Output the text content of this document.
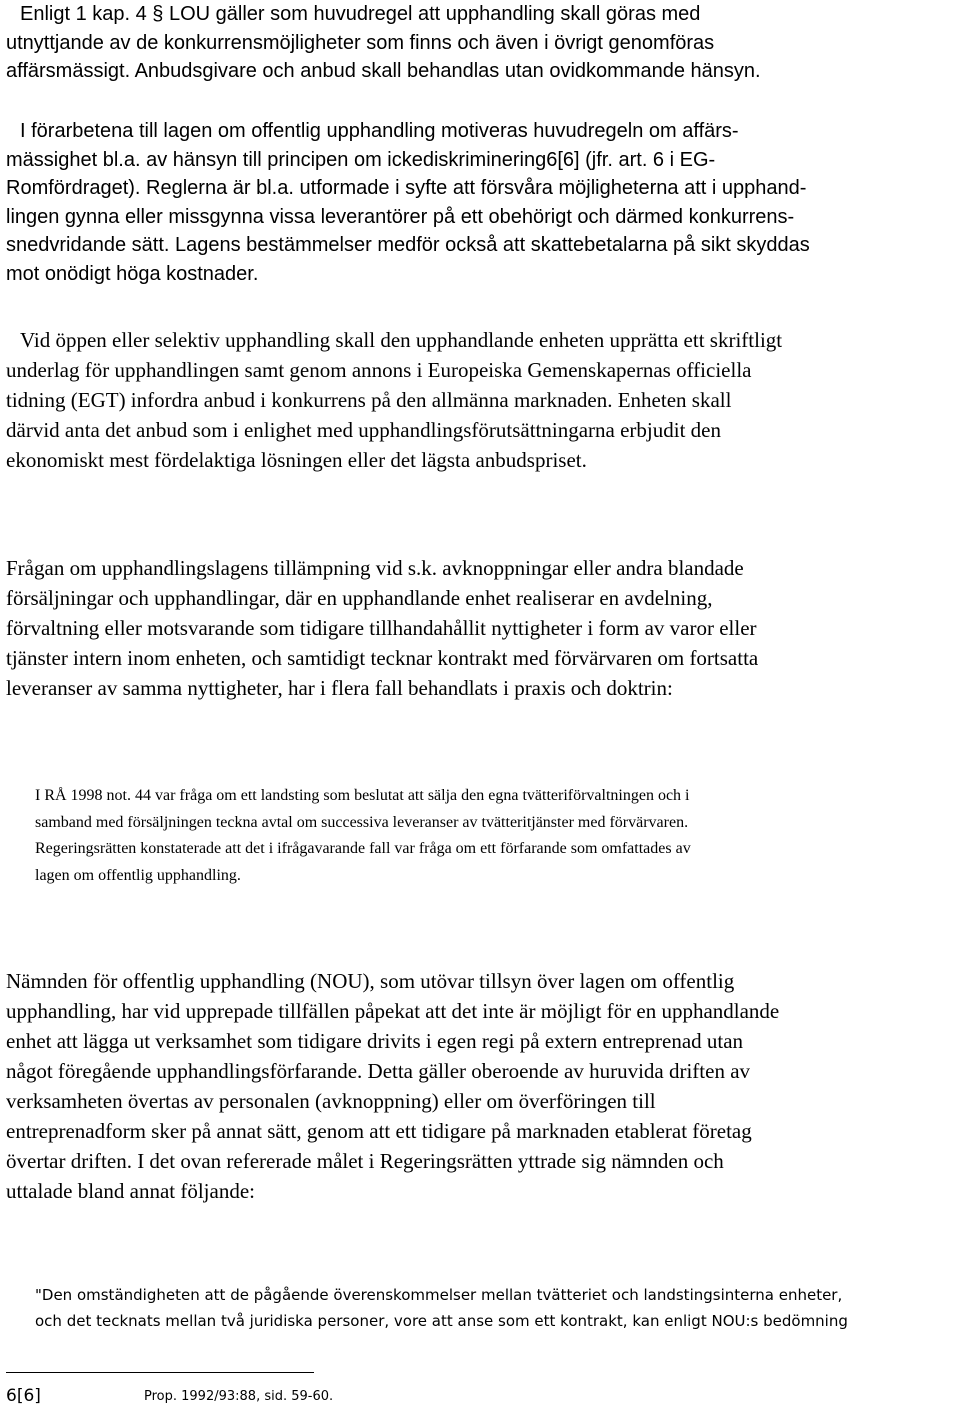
Enligt 1 kap. 4 § LOU gäller som huvudregel att upphandling skall göras med
utnyttjande av de konkurrensmöjligheter som finns och även i övrigt genomföras
affärsmässigt. Anbudsgivare och anbud skall behandlas utan ovidkommande hänsyn.

I förarbetena till lagen om offentlig upphandling motiveras huvudregeln om affärs-
mässighet bl.a. av hänsyn till principen om ickediskriminering6[6] (jfr. art. 6 i EG-
Romfördraget). Reglerna är bl.a. utformade i syfte att försvåra möjligheterna att i upphand-
lingen gynna eller missgynna vissa leverantörer på ett obehörigt och därmed konkurrens-
snedvridande sätt. Lagens bestämmelser medför också att skattebetalarna på sikt skyddas
mot onödigt höga kostnader.

Vid öppen eller selektiv upphandling skall den upphandlande enheten upprätta ett skriftligt
underlag för upphandlingen samt genom annons i Europeiska Gemenskapernas officiella
tidning (EGT) infordra anbud i konkurrens på den allmänna marknaden. Enheten skall
därvid anta det anbud som i enlighet med upphandlingsförutsättningarna erbjudit den
ekonomiskt mest fördelaktiga lösningen eller det lägsta anbudspriset.

Frågan om upphandlingslagens tillämpning vid s.k. avknoppningar eller andra blandade
försäljningar och upphandlingar, där en upphandlande enhet realiserar en avdelning,
förvaltning eller motsvarande som tidigare tillhandahållit nyttigheter i form av varor eller
tjänster intern inom enheten, och samtidigt tecknar kontrakt med förvärvaren om fortsatta
leveranser av samma nyttigheter, har i flera fall behandlats i praxis och doktrin:

I RÅ 1998 not. 44 var fråga om ett landsting som beslutat att sälja den egna tvätteriförvaltningen och i
samband med försäljningen teckna avtal om successiva leveranser av tvätteritjänster med förvärvaren.
Regeringsrätten konstaterade att det i ifrågavarande fall var fråga om ett förfarande som omfattades av
lagen om offentlig upphandling.

Nämnden för offentlig upphandling (NOU), som utövar tillsyn över lagen om offentlig
upphandling, har vid upprepade tillfällen påpekat att det inte är möjligt för en upphandlande
enhet att lägga ut verksamhet som tidigare drivits i egen regi på extern entreprenad utan
något föregående upphandlingsförfarande. Detta gäller oberoende av huruvida driften av
verksamheten övertas av personalen (avknoppning) eller om överföringen till
entreprenadform sker på annat sätt, genom att ett tidigare på marknaden etablerat företag
övertar driften. I det ovan refererade målet i Regeringsrätten yttrade sig nämnden och
uttalade bland annat följande:

"Den omständigheten att de pågående överenskommelser mellan tvätteriet och landstingsinterna enheter,
och det tecknats mellan två juridiska personer, vore att anse som ett kontrakt, kan enligt NOU:s bedömning

6[6]	Prop. 1992/93:88, sid. 59-60.
